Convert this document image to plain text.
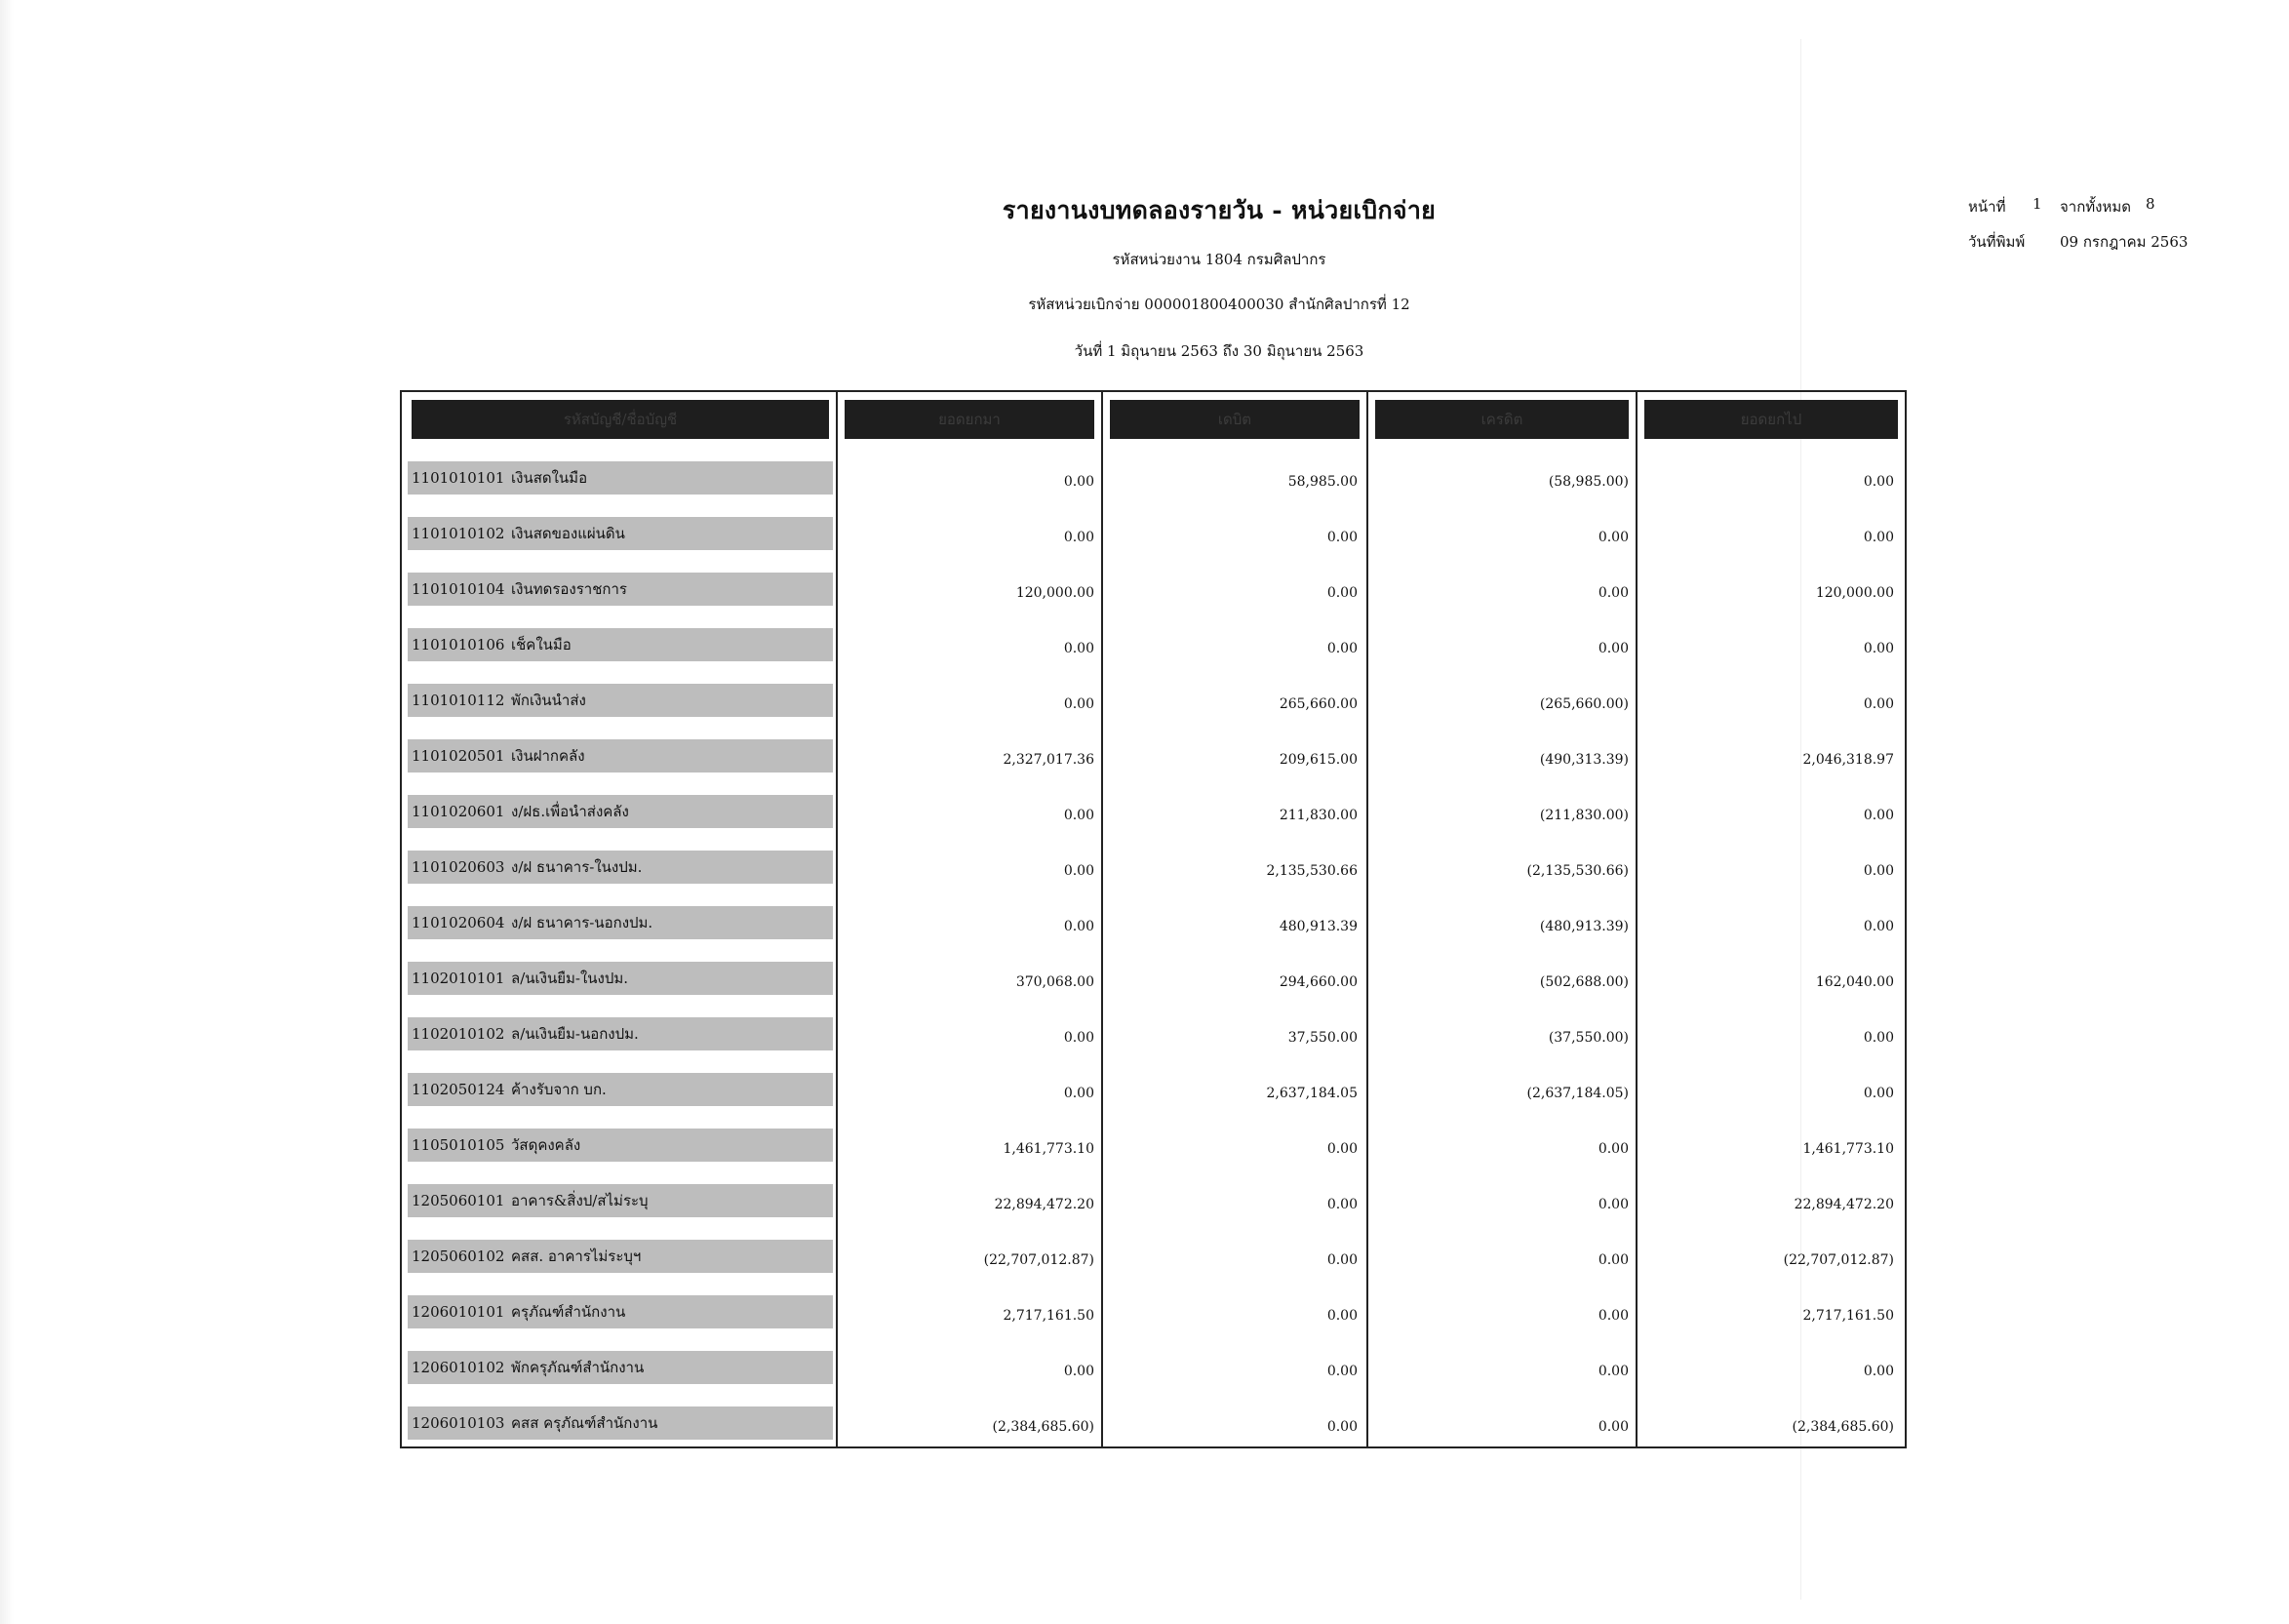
รายงานงบทดลองรายวัน - หน่วยเบิกจ่าย
รหัสหน่วยงาน 1804 กรมศิลปากร
รหัสหน่วยเบิกจ่าย 000001800400030 สำนักศิลปากรที่ 12
วันที่ 1 มิถุนายน 2563 ถึง 30 มิถุนายน 2563
หน้าที่	1	จากทั้งหมด 8
วันที่พิมพ์	09 กรกฎาคม 2563
รหัสบัญชี/ชื่อบัญชี	ยอดยกมา	เดบิต	เครดิต	ยอดยกไป
1101010101 เงินสดในมือ	0.00	58,985.00	(58,985.00)	0.00
1101010102 เงินสดของแผ่นดิน	0.00	0.00	0.00	0.00
1101010104 เงินทดรองราชการ	120,000.00	0.00	0.00	120,000.00
1101010106 เช็คในมือ	0.00	0.00	0.00	0.00
1101010112 พักเงินนำส่ง	0.00	265,660.00	(265,660.00)	0.00
1101020501 เงินฝากคลัง	2,327,017.36	209,615.00	(490,313.39)	2,046,318.97
1101020601 ง/ฝธ.เพื่อนำส่งคลัง	0.00	211,830.00	(211,830.00)	0.00
1101020603 ง/ฝ ธนาคาร-ในงปม.	0.00	2,135,530.66	(2,135,530.66)	0.00
1101020604 ง/ฝ ธนาคาร-นอกงปม.	0.00	480,913.39	(480,913.39)	0.00
1102010101 ล/นเงินยืม-ในงปม.	370,068.00	294,660.00	(502,688.00)	162,040.00
1102010102 ล/นเงินยืม-นอกงปม.	0.00	37,550.00	(37,550.00)	0.00
1102050124 ค้างรับจาก บก.	0.00	2,637,184.05	(2,637,184.05)	0.00
1105010105 วัสดุคงคลัง	1,461,773.10	0.00	0.00	1,461,773.10
1205060101 อาคาร&สิ่งป/สไม่ระบุ	22,894,472.20	0.00	0.00	22,894,472.20
1205060102 คสส. อาคารไม่ระบุฯ	(22,707,012.87)	0.00	0.00	(22,707,012.87)
1206010101 ครุภัณฑ์สำนักงาน	2,717,161.50	0.00	0.00	2,717,161.50
1206010102 พักครุภัณฑ์สำนักงาน	0.00	0.00	0.00	0.00
1206010103 คสส ครุภัณฑ์สำนักงาน	(2,384,685.60)	0.00	0.00	(2,384,685.60)
